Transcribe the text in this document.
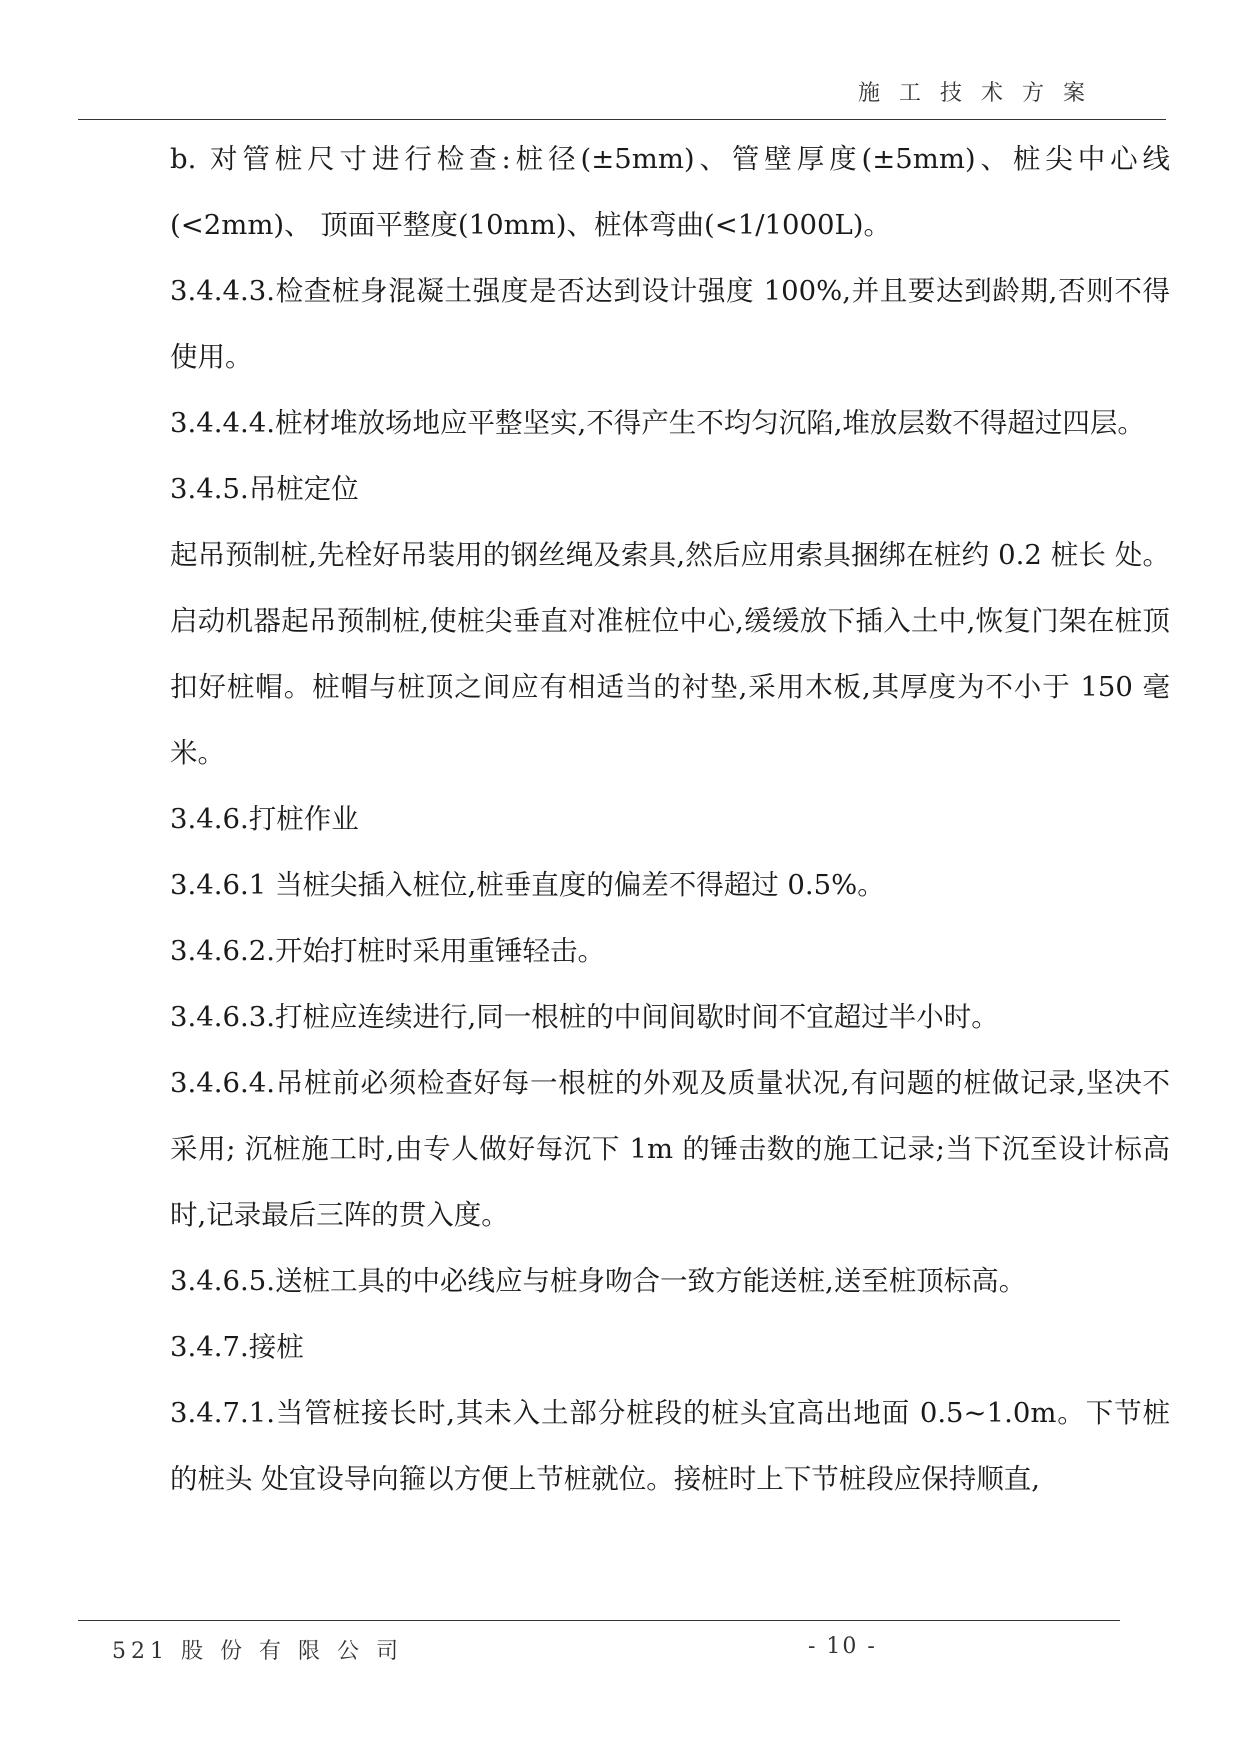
施 工 技 术 方 案

b. 对管桩尺寸进行检查:桩径(±5mm)、管壁厚度(±5mm)、桩尖中心线(<2mm)、 顶面平整度(10mm)、桩体弯曲(<1/1000L)。

3.4.4.3.检查桩身混凝土强度是否达到设计强度 100%,并且要达到龄期,否则不得使用。

3.4.4.4.桩材堆放场地应平整坚实,不得产生不均匀沉陷,堆放层数不得超过四层。

3.4.5.吊桩定位

起吊预制桩,先栓好吊装用的钢丝绳及索具,然后应用索具捆绑在桩约 0.2 桩长 处。启动机器起吊预制桩,使桩尖垂直对准桩位中心,缓缓放下插入土中,恢复门架在桩顶扣好桩帽。桩帽与桩顶之间应有相适当的衬垫,采用木板,其厚度为不小于 150 毫米。

3.4.6.打桩作业

3.4.6.1 当桩尖插入桩位,桩垂直度的偏差不得超过 0.5%。

3.4.6.2.开始打桩时采用重锤轻击。

3.4.6.3.打桩应连续进行,同一根桩的中间间歇时间不宜超过半小时。

3.4.6.4.吊桩前必须检查好每一根桩的外观及质量状况,有问题的桩做记录,坚决不采用; 沉桩施工时,由专人做好每沉下 1m 的锤击数的施工记录;当下沉至设计标高时,记录最后三阵的贯入度。

3.4.6.5.送桩工具的中必线应与桩身吻合一致方能送桩,送至桩顶标高。

3.4.7.接桩

3.4.7.1.当管桩接长时,其未入土部分桩段的桩头宜高出地面 0.5~1.0m。下节桩的桩头 处宜设导向箍以方便上节桩就位。接桩时上下节桩段应保持顺直,

521 股 份 有 限 公 司	- 10 -
